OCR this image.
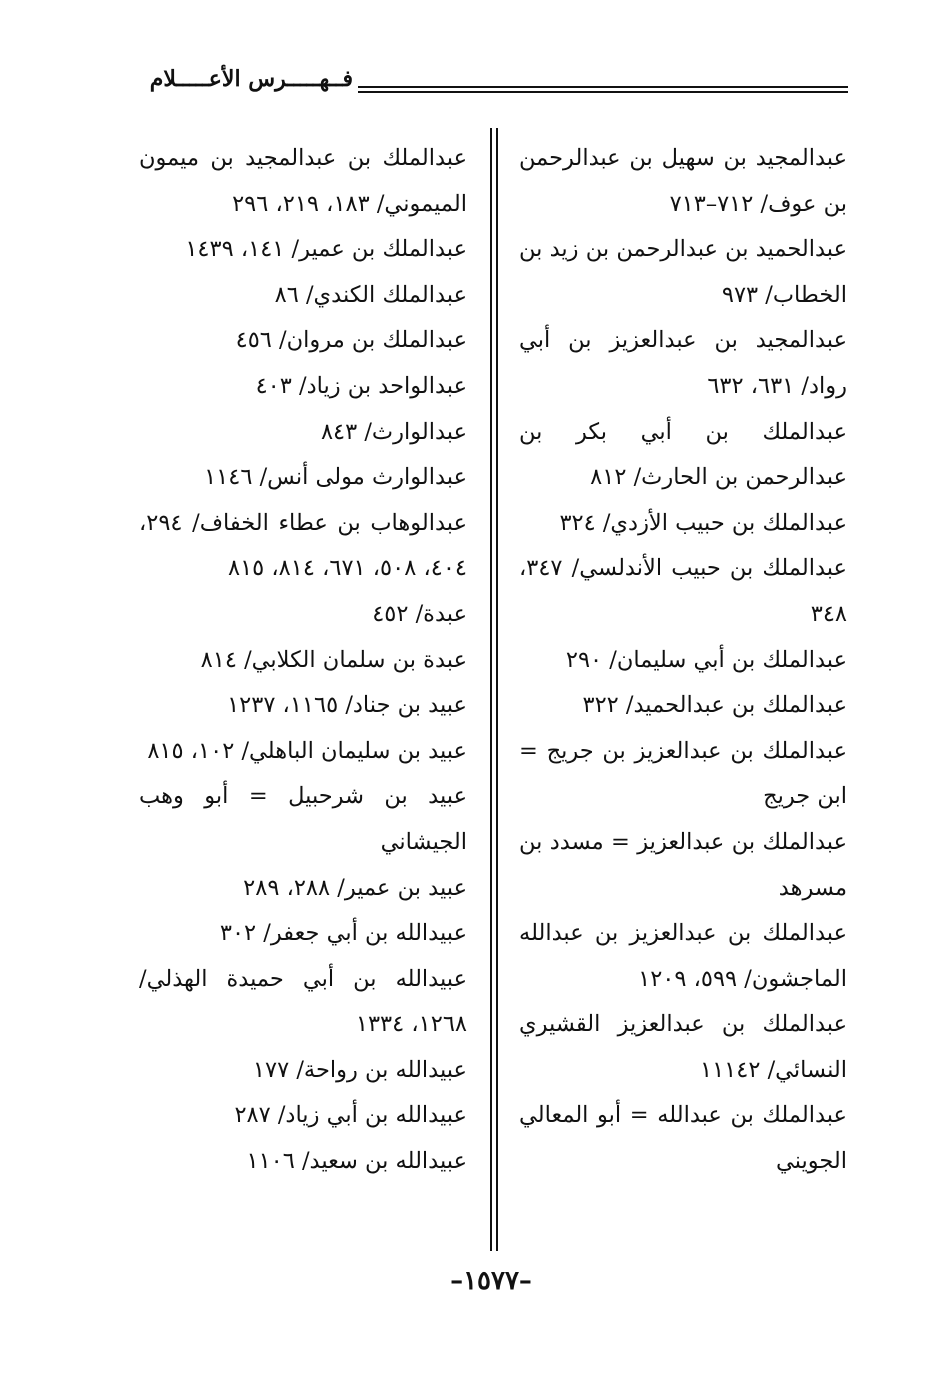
فــهـــــرس الأعـــــلام

عبدالمجيد بن سهيل بن عبدالرحمن بن عوف/ ٧١٢–٧١٣

عبدالحميد بن عبدالرحمن بن زيد بن الخطاب/ ٩٧٣

عبدالمجيد بن عبدالعزيز بن أبي رواد/ ٦٣١، ٦٣٢

عبدالملك بن أبي بكر بن عبدالرحمن بن الحارث/ ٨١٢

عبدالملك بن حبيب الأزدي/ ٣٢٤

عبدالملك بن حبيب الأندلسي/ ٣٤٧، ٣٤٨

عبدالملك بن أبي سليمان/ ٢٩٠

عبدالملك بن عبدالحميد/ ٣٢٢

عبدالملك بن عبدالعزيز بن جريج = ابن جريج

عبدالملك بن عبدالعزيز = مسدد بن مسرهد

عبدالملك بن عبدالعزيز بن عبدالله الماجشون/ ٥٩٩، ١٢٠٩

عبدالملك بن عبدالعزيز القشيري النسائي/ ١١١٤٢

عبدالملك بن عبدالله = أبو المعالي الجويني

عبدالملك بن عبدالمجيد بن ميمون الميموني/ ١٨٣، ٢١٩، ٢٩٦

عبدالملك بن عمير/ ١٤١، ١٤٣٩

عبدالملك الكندي/ ٨٦

عبدالملك بن مروان/ ٤٥٦

عبدالواحد بن زياد/ ٤٠٣

عبدالوارث/ ٨٤٣

عبدالوارث مولى أنس/ ١١٤٦

عبدالوهاب بن عطاء الخفاف/ ٢٩٤، ٤٠٤، ٥٠٨، ٦٧١، ٨١٤، ٨١٥

عبدة/ ٤٥٢

عبدة بن سلمان الكلابي/ ٨١٤

عبيد بن جناد/ ١١٦٥، ١٢٣٧

عبيد بن سليمان الباهلي/ ١٠٢، ٨١٥

عبيد بن شرحبيل = أبو وهب الجيشاني

عبيد بن عمير/ ٢٨٨، ٢٨٩

عبيدالله بن أبي جعفر/ ٣٠٢

عبيدالله بن أبي حميدة الهذلي/ ١٢٦٨، ١٣٣٤

عبيدالله بن رواحة/ ١٧٧

عبيدالله بن أبي زياد/ ٢٨٧

عبيدالله بن سعيد/ ١١٠٦

–١٥٧٧–
